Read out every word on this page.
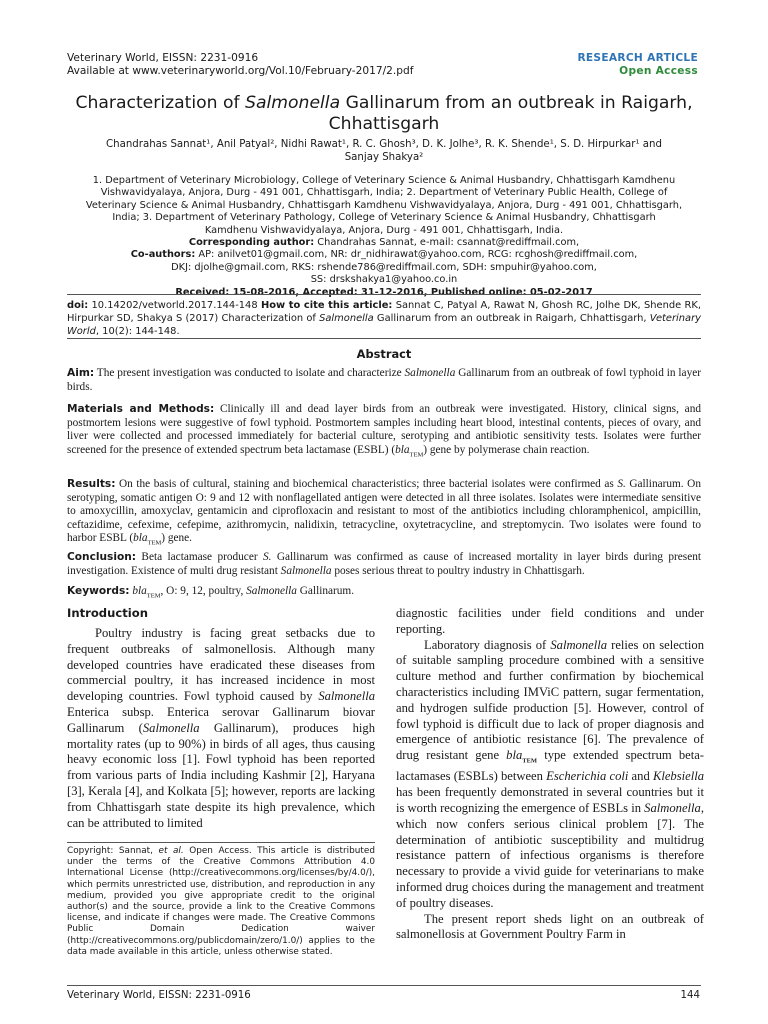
Veterinary World, EISSN: 2231-0916
Available at www.veterinaryworld.org/Vol.10/February-2017/2.pdf
RESEARCH ARTICLE
Open Access
Characterization of Salmonella Gallinarum from an outbreak in Raigarh,
Chhattisgarh
Chandrahas Sannat¹, Anil Patyal², Nidhi Rawat¹, R. C. Ghosh³, D. K. Jolhe³, R. K. Shende¹, S. D. Hirpurkar¹ and
Sanjay Shakya²
1. Department of Veterinary Microbiology, College of Veterinary Science & Animal Husbandry, Chhattisgarh Kamdhenu
Vishwavidyalaya, Anjora, Durg - 491 001, Chhattisgarh, India; 2. Department of Veterinary Public Health, College of
Veterinary Science & Animal Husbandry, Chhattisgarh Kamdhenu Vishwavidyalaya, Anjora, Durg - 491 001, Chhattisgarh,
India; 3. Department of Veterinary Pathology, College of Veterinary Science & Animal Husbandry, Chhattisgarh
Kamdhenu Vishwavidyalaya, Anjora, Durg - 491 001, Chhattisgarh, India.
Corresponding author: Chandrahas Sannat, e-mail: csannat@rediffmail.com,
Co-authors: AP: anilvet01@gmail.com, NR: dr_nidhirawat@yahoo.com, RCG: rcghosh@rediffmail.com,
DKJ: djolhe@gmail.com, RKS: rshende786@rediffmail.com, SDH: smpuhir@yahoo.com,
SS: drskshakya1@yahoo.co.in
Received: 15-08-2016, Accepted: 31-12-2016, Published online: 05-02-2017
doi: 10.14202/vetworld.2017.144-148 How to cite this article: Sannat C, Patyal A, Rawat N, Ghosh RC, Jolhe DK, Shende RK, Hirpurkar SD, Shakya S (2017) Characterization of Salmonella Gallinarum from an outbreak in Raigarh, Chhattisgarh, Veterinary World, 10(2): 144-148.
Abstract
Aim: The present investigation was conducted to isolate and characterize Salmonella Gallinarum from an outbreak of fowl typhoid in layer birds.
Materials and Methods: Clinically ill and dead layer birds from an outbreak were investigated. History, clinical signs, and postmortem lesions were suggestive of fowl typhoid. Postmortem samples including heart blood, intestinal contents, pieces of ovary, and liver were collected and processed immediately for bacterial culture, serotyping and antibiotic sensitivity tests. Isolates were further screened for the presence of extended spectrum beta lactamase (ESBL) (bla$_{TEM}$) gene by polymerase chain reaction.
Results: On the basis of cultural, staining and biochemical characteristics; three bacterial isolates were confirmed as S. Gallinarum. On serotyping, somatic antigen O: 9 and 12 with nonflagellated antigen were detected in all three isolates. Isolates were intermediate sensitive to amoxycillin, amoxyclav, gentamicin and ciprofloxacin and resistant to most of the antibiotics including chloramphenicol, ampicillin, ceftazidime, cefexime, cefepime, azithromycin, nalidixin, tetracycline, oxytetracycline, and streptomycin. Two isolates were found to harbor ESBL (bla$_{TEM}$) gene.
Conclusion: Beta lactamase producer S. Gallinarum was confirmed as cause of increased mortality in layer birds during present investigation. Existence of multi drug resistant Salmonella poses serious threat to poultry industry in Chhattisgarh.
Keywords: bla$_{TEM}$, O: 9, 12, poultry, Salmonella Gallinarum.
Introduction

Poultry industry is facing great setbacks due to frequent outbreaks of salmonellosis. Although many developed countries have eradicated these diseases from commercial poultry, it has increased incidence in most developing countries. Fowl typhoid caused by Salmonella Enterica subsp. Enterica serovar Gallinarum biovar Gallinarum (Salmonella Gallinarum), produces high mortality rates (up to 90%) in birds of all ages, thus causing heavy economic loss [1]. Fowl typhoid has been reported from various parts of India including Kashmir [2], Haryana [3], Kerala [4], and Kolkata [5]; however, reports are lacking from Chhattisgarh state despite its high prevalence, which can be attributed to limited

Copyright: Sannat, et al. Open Access. This article is distributed under the terms of the Creative Commons Attribution 4.0 International License (http://creativecommons.org/licenses/by/4.0/), which permits unrestricted use, distribution, and reproduction in any medium, provided you give appropriate credit to the original author(s) and the source, provide a link to the Creative Commons license, and indicate if changes were made. The Creative Commons Public Domain Dedication waiver (http://creativecommons.org/publicdomain/zero/1.0/) applies to the data made available in this article, unless otherwise stated.

diagnostic facilities under field conditions and under reporting.

Laboratory diagnosis of Salmonella relies on selection of suitable sampling procedure combined with a sensitive culture method and further confirmation by biochemical characteristics including IMViC pattern, sugar fermentation, and hydrogen sulfide production [5]. However, control of fowl typhoid is difficult due to lack of proper diagnosis and emergence of antibiotic resistance [6]. The prevalence of drug resistant gene bla$_{TEM}$ type extended spectrum beta-lactamases (ESBLs) between Escherichia coli and Klebsiella has been frequently demonstrated in several countries but it is worth recognizing the emergence of ESBLs in Salmonella, which now confers serious clinical problem [7]. The determination of antibiotic susceptibility and multidrug resistance pattern of infectious organisms is therefore necessary to provide a vivid guide for veterinarians to make informed drug choices during the management and treatment of poultry diseases.

The present report sheds light on an outbreak of salmonellosis at Government Poultry Farm in

Veterinary World, EISSN: 2231-0916	144
